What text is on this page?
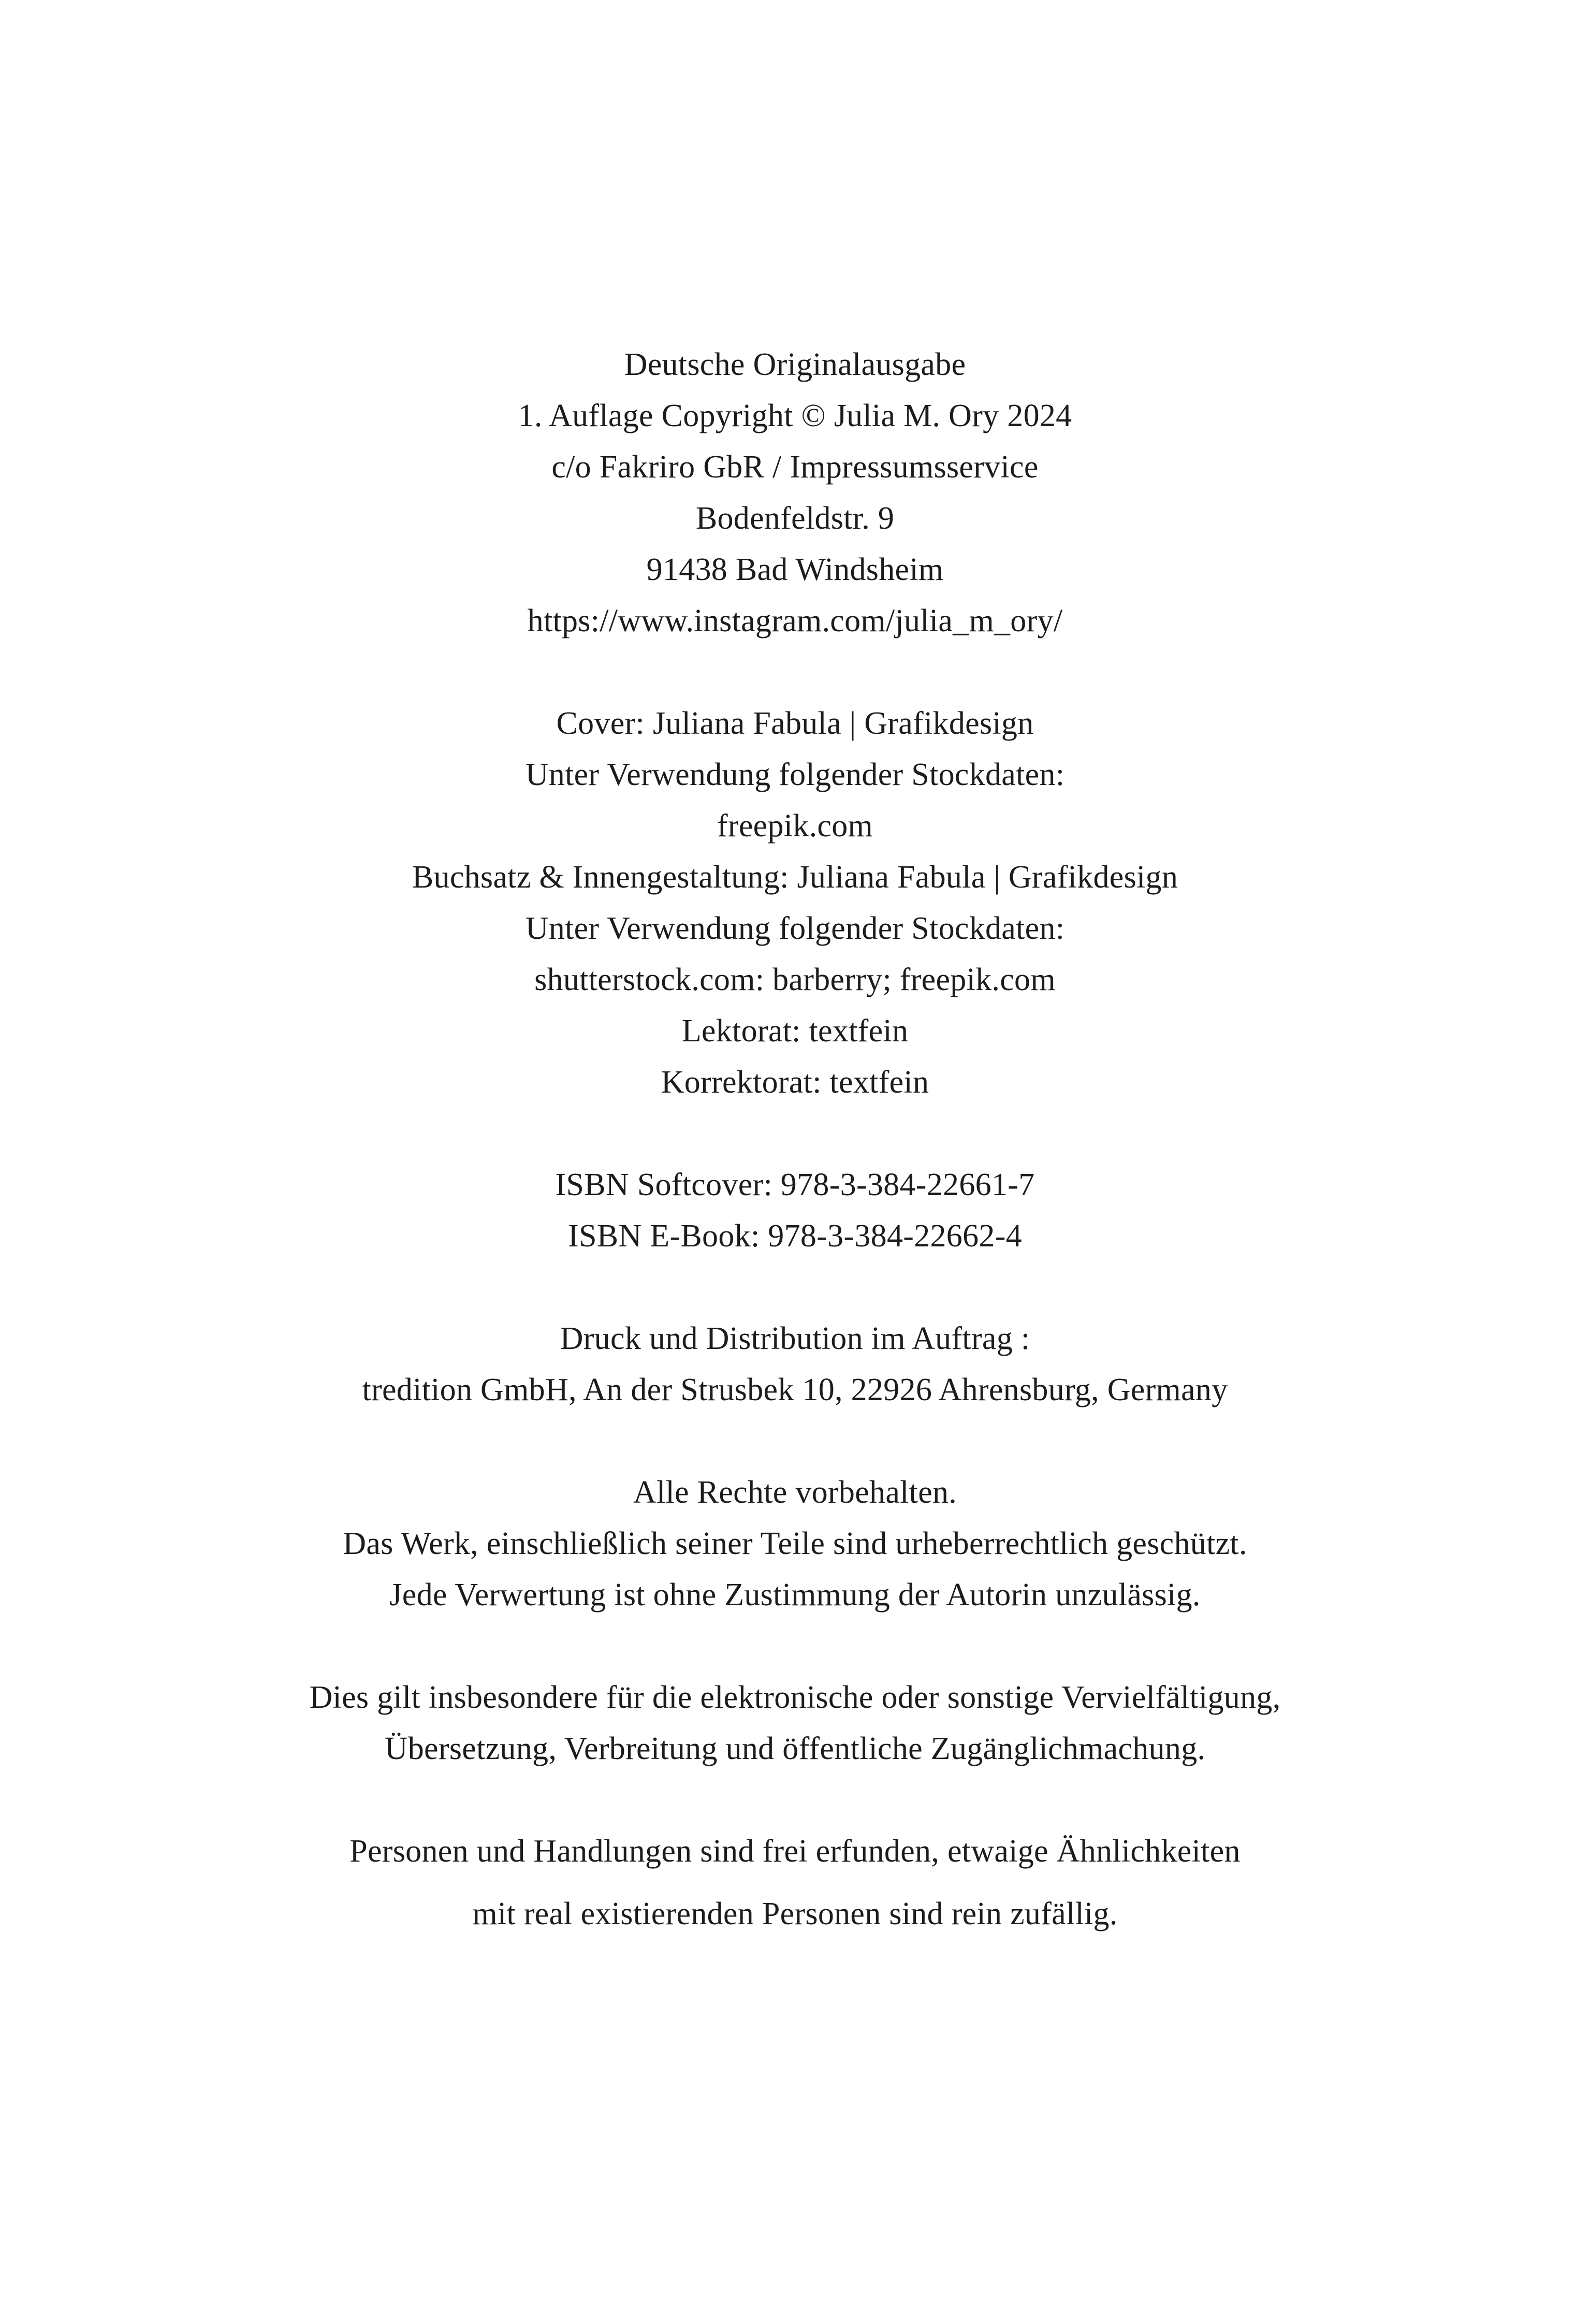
Deutsche Originalausgabe
1. Auflage Copyright © Julia M. Ory 2024
c/o Fakriro GbR / Impressumsservice
Bodenfeldstr. 9
91438 Bad Windsheim
https://www.instagram.com/julia_m_ory/
Cover: Juliana Fabula | Grafikdesign
Unter Verwendung folgender Stockdaten:
freepik.com
Buchsatz & Innengestaltung: Juliana Fabula | Grafikdesign
Unter Verwendung folgender Stockdaten:
shutterstock.com: barberry; freepik.com
Lektorat: textfein
Korrektorat: textfein
ISBN Softcover: 978-3-384-22661-7
ISBN E-Book: 978-3-384-22662-4
Druck und Distribution im Auftrag :
tredition GmbH, An der Strusbek 10, 22926 Ahrensburg, Germany
Alle Rechte vorbehalten.
Das Werk, einschließlich seiner Teile sind urheberrechtlich geschützt.
Jede Verwertung ist ohne Zustimmung der Autorin unzulässig.
Dies gilt insbesondere für die elektronische oder sonstige Vervielfältigung,
Übersetzung, Verbreitung und öffentliche Zugänglichmachung.
Personen und Handlungen sind frei erfunden, etwaige Ähnlichkeiten
mit real existierenden Personen sind rein zufällig.
